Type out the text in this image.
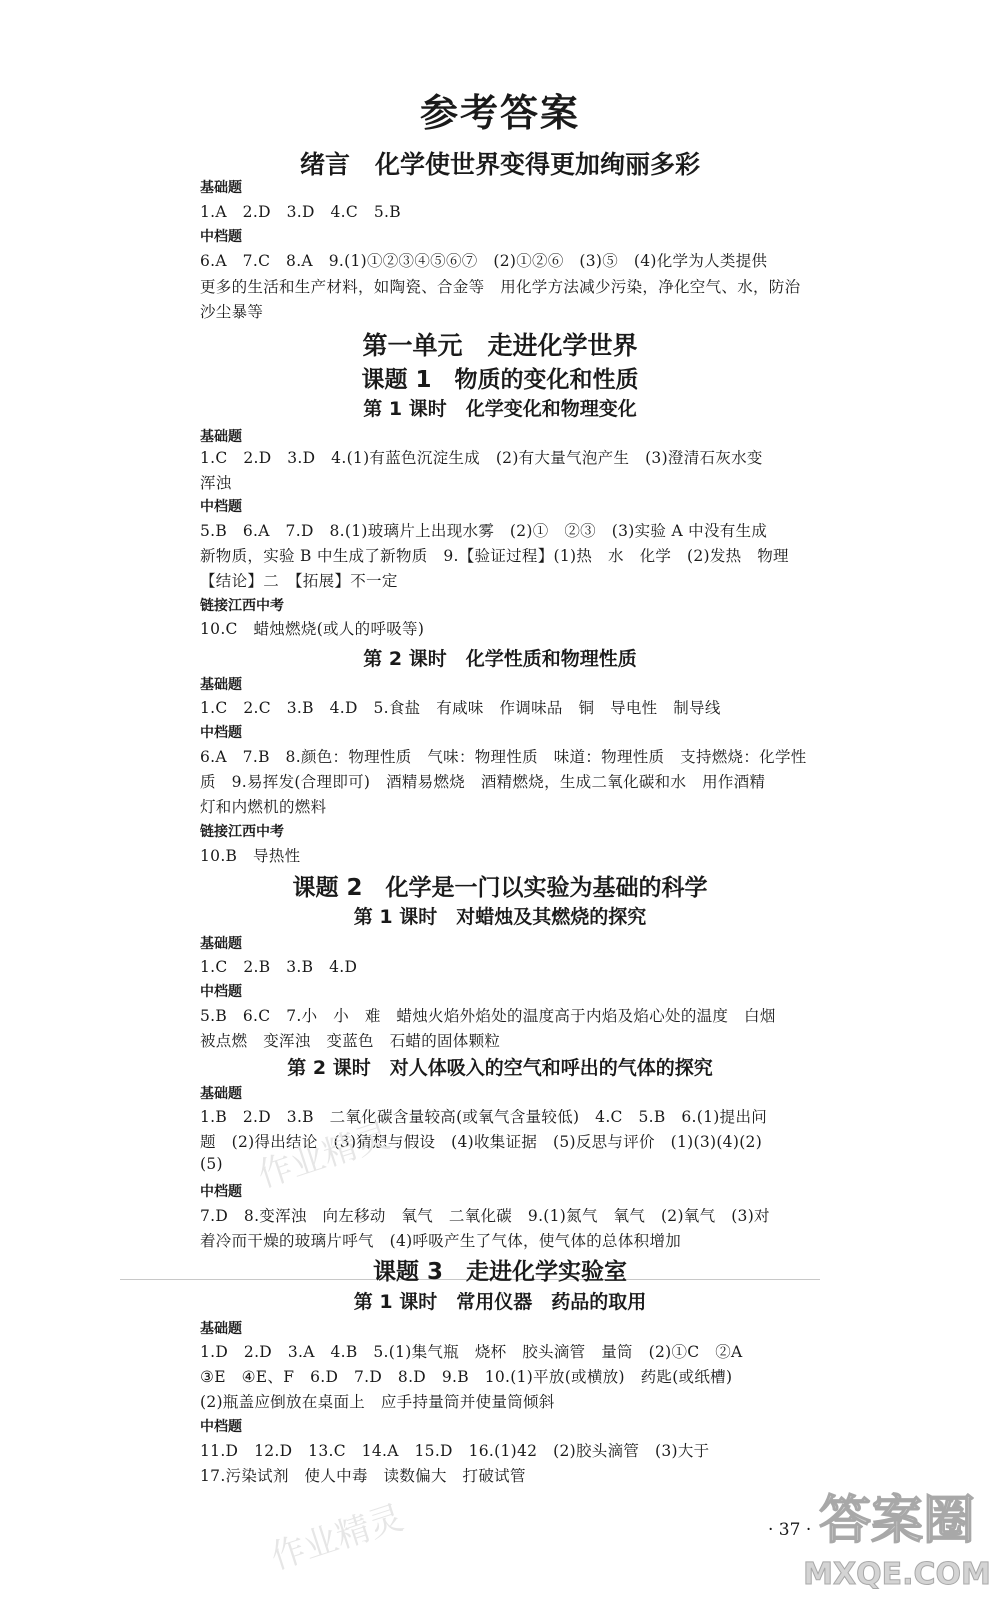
参考答案
绪言　化学使世界变得更加绚丽多彩
基础题
1.A　2.D　3.D　4.C　5.B
中档题
6.A　7.C　8.A　9.(1)①②③④⑤⑥⑦　(2)①②⑥　(3)⑤　(4)化学为人类提供
更多的生活和生产材料，如陶瓷、合金等　用化学方法减少污染，净化空气、水，防治
沙尘暴等
第一单元　走进化学世界
课题 1　物质的变化和性质
第 1 课时　化学变化和物理变化
基础题
1.C　2.D　3.D　4.(1)有蓝色沉淀生成　(2)有大量气泡产生　(3)澄清石灰水变
浑浊
中档题
5.B　6.A　7.D　8.(1)玻璃片上出现水雾　(2)①　②③　(3)实验 A 中没有生成
新物质，实验 B 中生成了新物质　9.【验证过程】(1)热　水　化学　(2)发热　物理
【结论】二　【拓展】不一定
链接江西中考
10.C　蜡烛燃烧(或人的呼吸等)
第 2 课时　化学性质和物理性质
基础题
1.C　2.C　3.B　4.D　5.食盐　有咸味　作调味品　铜　导电性　制导线
中档题
6.A　7.B　8.颜色：物理性质　气味：物理性质　味道：物理性质　支持燃烧：化学性
质　9.易挥发(合理即可)　酒精易燃烧　酒精燃烧，生成二氧化碳和水　用作酒精
灯和内燃机的燃料
链接江西中考
10.B　导热性
课题 2　化学是一门以实验为基础的科学
第 1 课时　对蜡烛及其燃烧的探究
基础题
1.C　2.B　3.B　4.D
中档题
5.B　6.C　7.小　小　难　蜡烛火焰外焰处的温度高于内焰及焰心处的温度　白烟
被点燃　变浑浊　变蓝色　石蜡的固体颗粒
第 2 课时　对人体吸入的空气和呼出的气体的探究
基础题
1.B　2.D　3.B　二氧化碳含量较高(或氧气含量较低)　4.C　5.B　6.(1)提出问
题　(2)得出结论　(3)猜想与假设　(4)收集证据　(5)反思与评价　(1)(3)(4)(2)
(5)
中档题
7.D　8.变浑浊　向左移动　氧气　二氧化碳　9.(1)氮气　氧气　(2)氧气　(3)对
着冷而干燥的玻璃片呼气　(4)呼吸产生了气体，使气体的总体积增加
课题 3　走进化学实验室
第 1 课时　常用仪器　药品的取用
基础题
1.D　2.D　3.A　4.B　5.(1)集气瓶　烧杯　胶头滴管　量筒　(2)①C　②A
③E　④E、F　6.D　7.D　8.D　9.B　10.(1)平放(或横放)　药匙(或纸槽)
(2)瓶盖应倒放在桌面上　应手持量筒并使量筒倾斜
中档题
11.D　12.D　13.C　14.A　15.D　16.(1)42　(2)胶头滴管　(3)大于
17.污染试剂　使人中毒　读数偏大　打破试管
作业精灵
作业精灵	· 37 · 答案圈
MXQE.COM
